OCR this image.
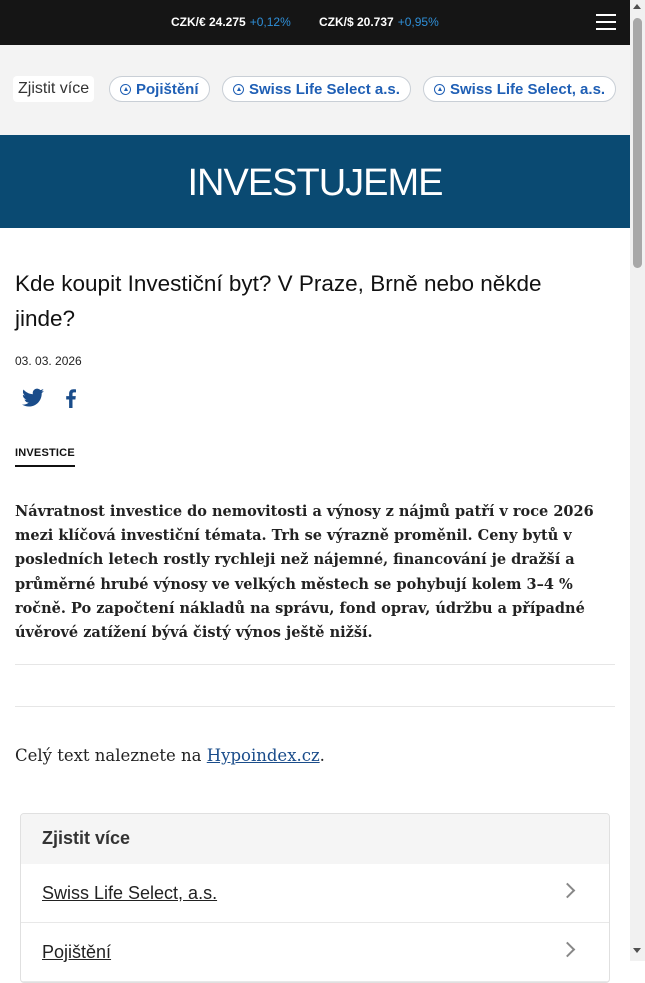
CZK/€ 24.275 +0,12% CZK/$ 20.737 +0,95%
Zjistit více	Pojištění	Swiss Life Select a.s.	Swiss Life Select, a.s.
INVESTUJEME
Kde koupit Investiční byt? V Praze, Brně nebo někde jinde?
03. 03. 2026
INVESTICE

Návratnost investice do nemovitosti a výnosy z nájmů patří v roce 2026 mezi klíčová investiční témata. Trh se výrazně proměnil. Ceny bytů v posledních letech rostly rychleji než nájemné, financování je dražší a průměrné hrubé výnosy ve velkých městech se pohybují kolem 3–4 % ročně. Po započtení nákladů na správu, fond oprav, údržbu a případné úvěrové zatížení bývá čistý výnos ještě nižší.

Celý text naleznete na Hypoindex.cz.
Zjistit více
Swiss Life Select, a.s.
Pojištění
